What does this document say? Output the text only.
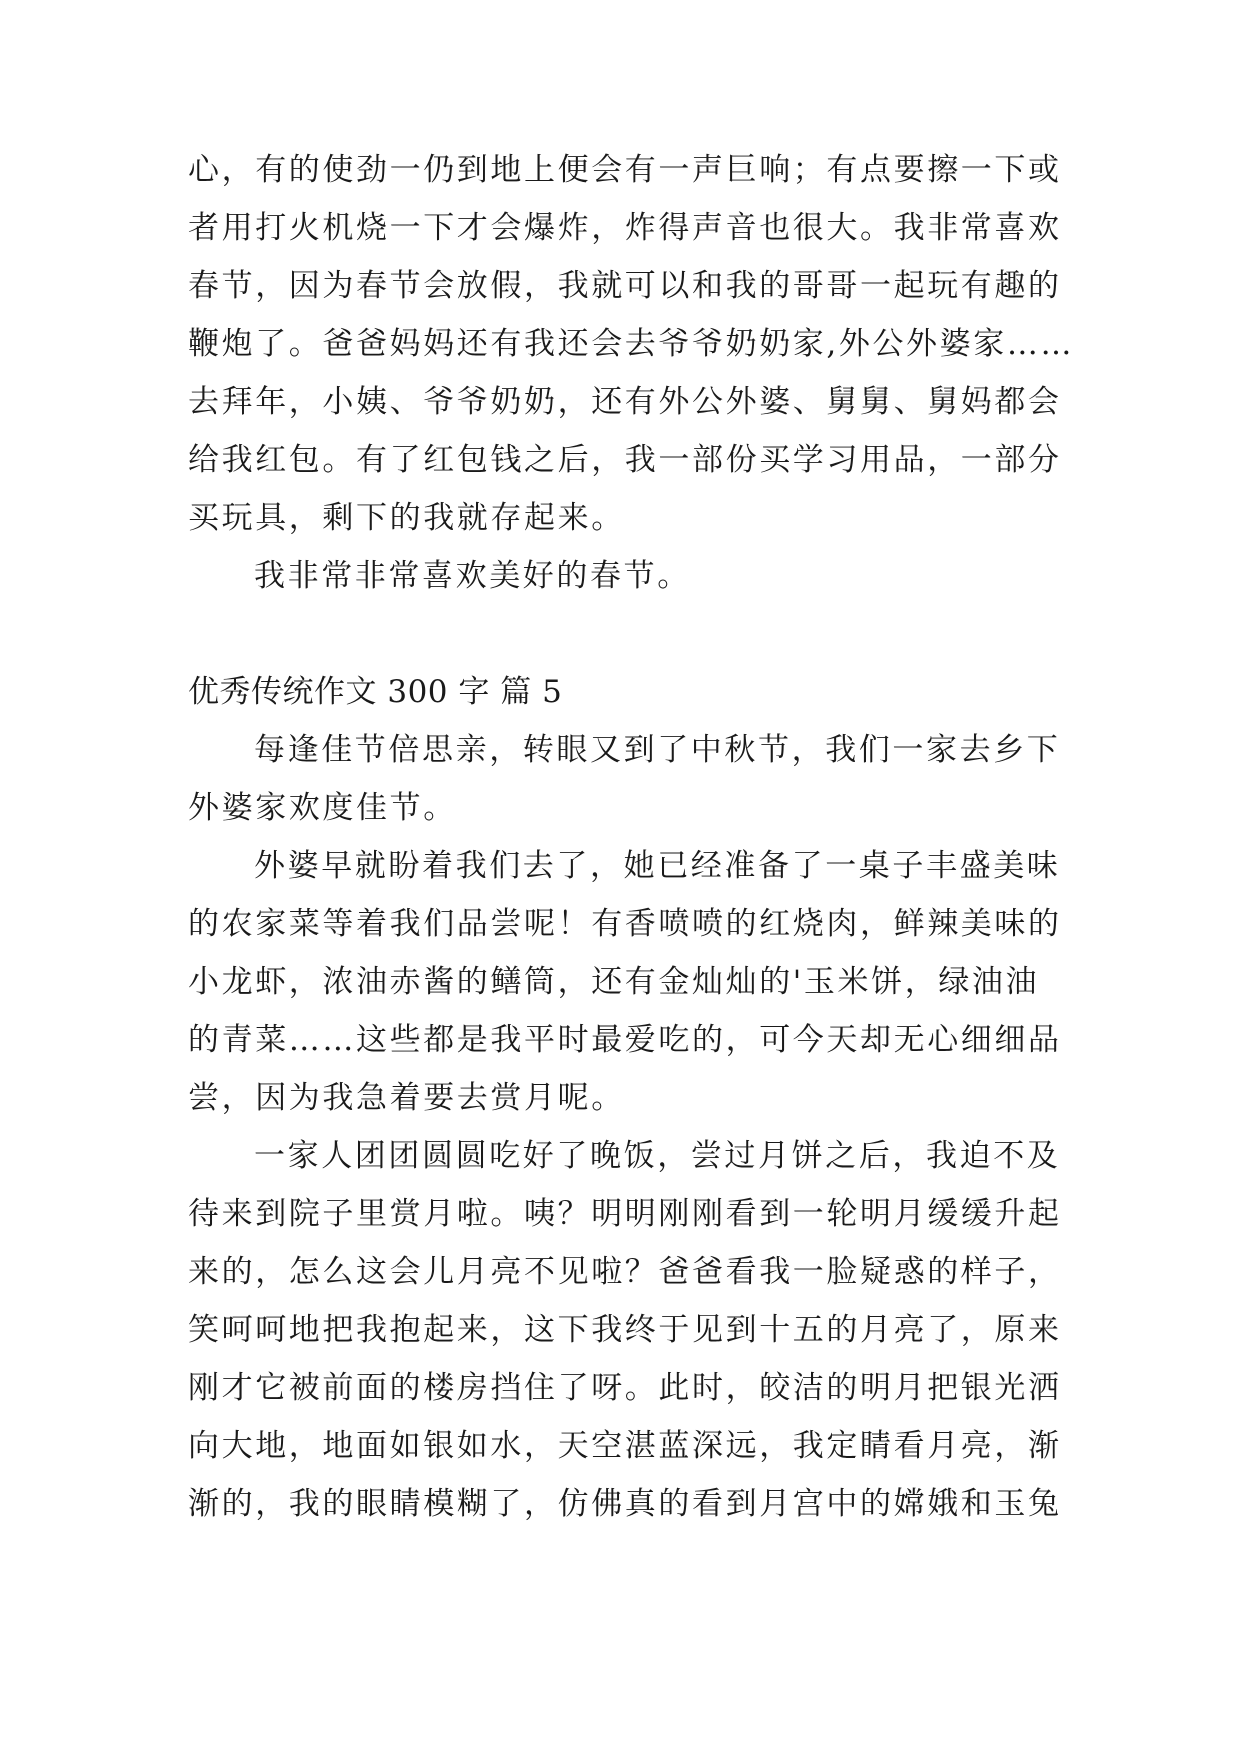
心，有的使劲一仍到地上便会有一声巨响；有点要擦一下或
者用打火机烧一下才会爆炸，炸得声音也很大。我非常喜欢
春节，因为春节会放假，我就可以和我的哥哥一起玩有趣的
鞭炮了。爸爸妈妈还有我还会去爷爷奶奶家,外公外婆家……
去拜年，小姨、爷爷奶奶，还有外公外婆、舅舅、舅妈都会
给我红包。有了红包钱之后，我一部份买学习用品，一部分
买玩具，剩下的我就存起来。
我非常非常喜欢美好的春节。
优秀传统作文 300 字 篇 5
每逢佳节倍思亲，转眼又到了中秋节，我们一家去乡下
外婆家欢度佳节。
外婆早就盼着我们去了，她已经准备了一桌子丰盛美味
的农家菜等着我们品尝呢！有香喷喷的红烧肉，鲜辣美味的
小龙虾，浓油赤酱的鳝筒，还有金灿灿的'玉米饼，绿油油
的青菜……这些都是我平时最爱吃的，可今天却无心细细品
尝，因为我急着要去赏月呢。
一家人团团圆圆吃好了晚饭，尝过月饼之后，我迫不及
待来到院子里赏月啦。咦？明明刚刚看到一轮明月缓缓升起
来的，怎么这会儿月亮不见啦？爸爸看我一脸疑惑的样子，
笑呵呵地把我抱起来，这下我终于见到十五的月亮了，原来
刚才它被前面的楼房挡住了呀。此时，皎洁的明月把银光洒
向大地，地面如银如水，天空湛蓝深远，我定睛看月亮，渐
渐的，我的眼睛模糊了，仿佛真的看到月宫中的嫦娥和玉兔
